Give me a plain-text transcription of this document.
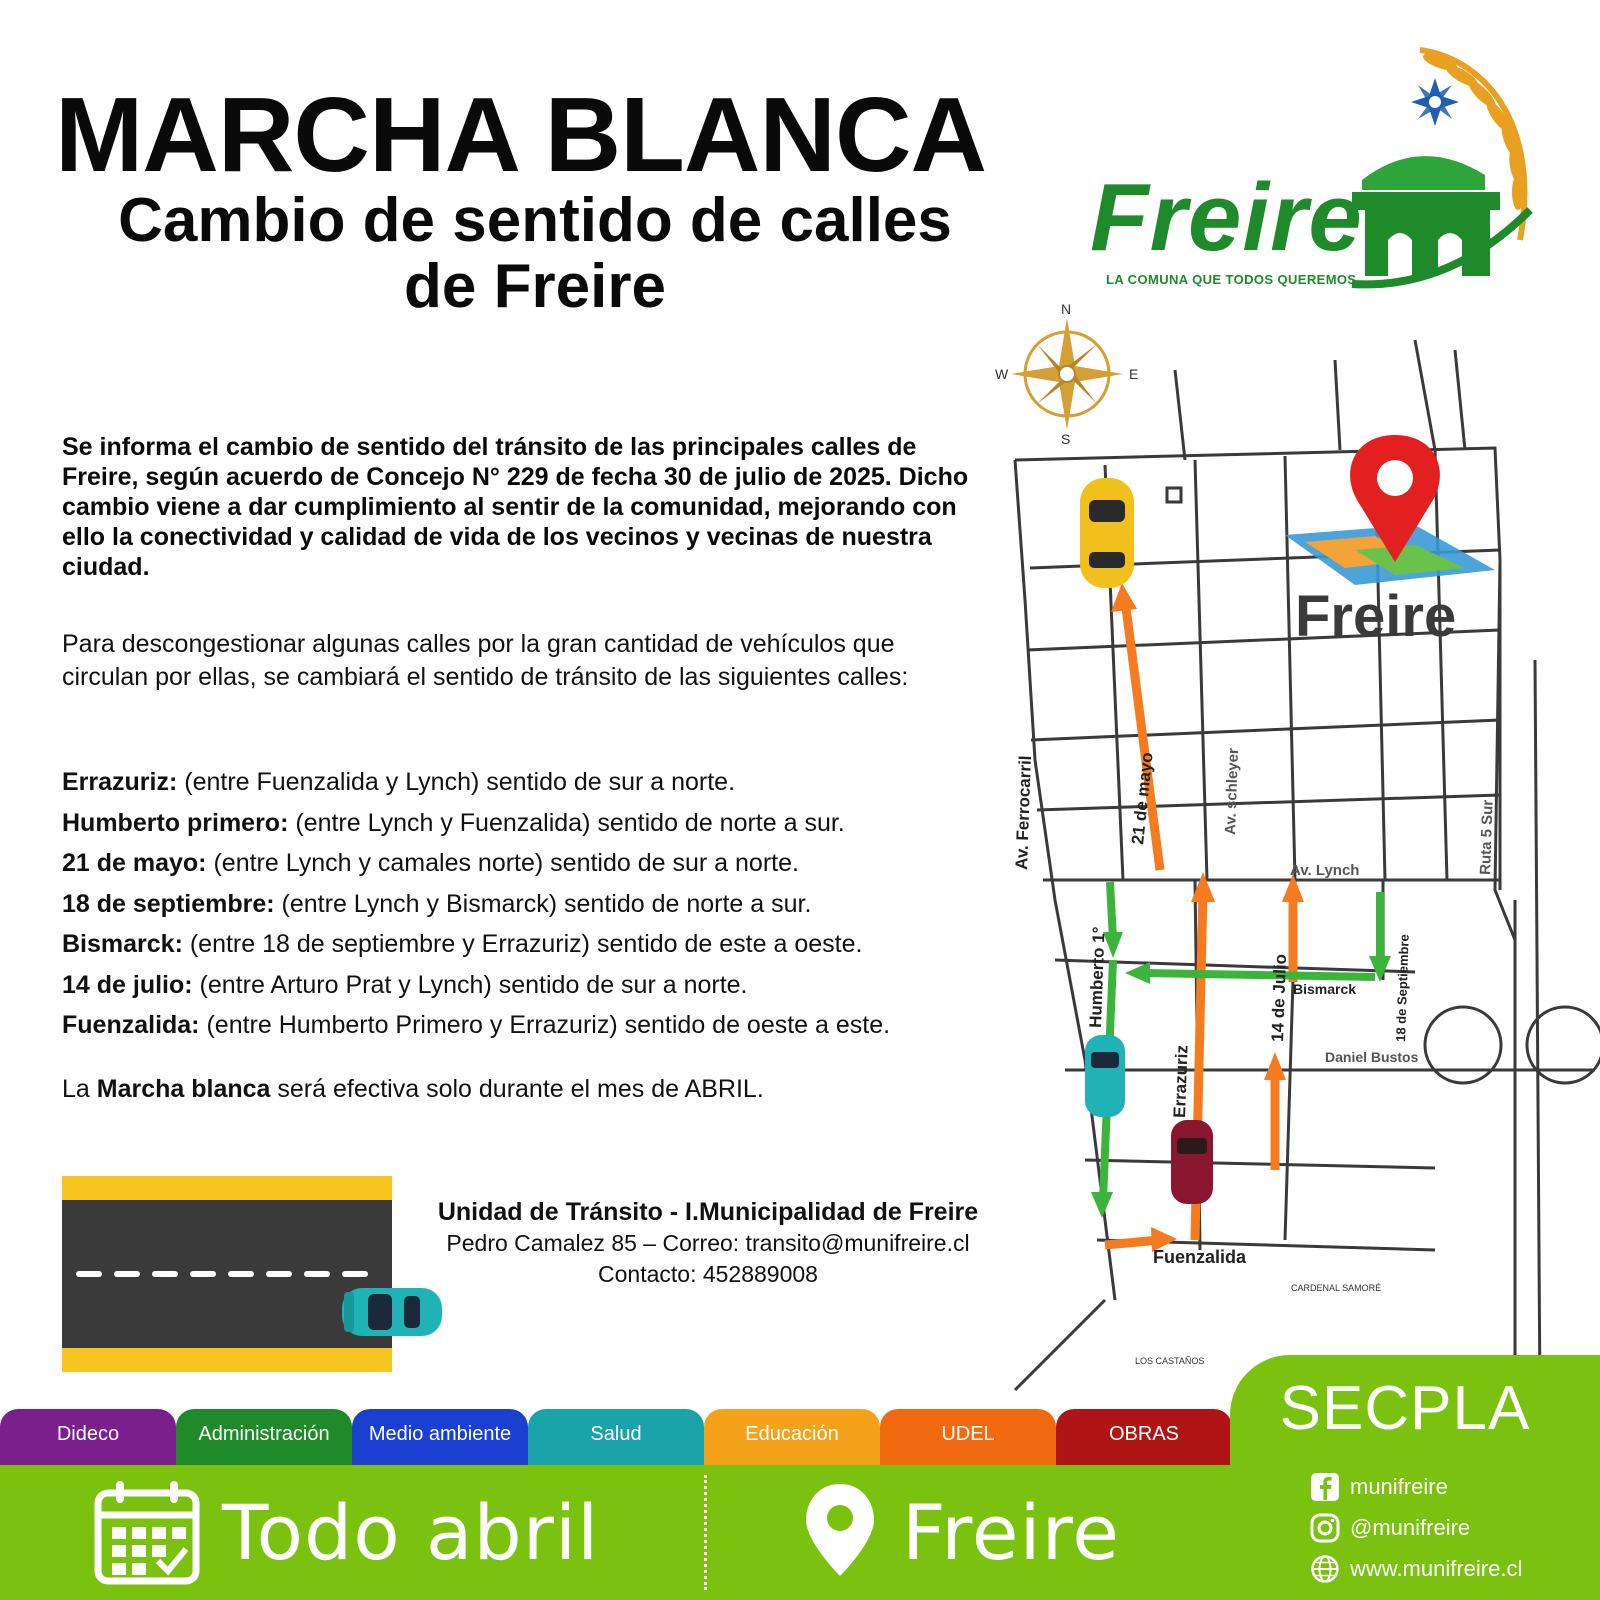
MARCHA BLANCA
Cambio de sentido de calles
de Freire
Freire
LA COMUNA QUE TODOS QUEREMOS
Se informa el cambio de sentido del tránsito de las principales calles de Freire, según acuerdo de Concejo N° 229 de fecha 30 de julio de 2025. Dicho cambio viene a dar cumplimiento al sentir de la comunidad, mejorando con ello la conectividad y calidad de vida de los vecinos y vecinas de nuestra ciudad.
Para descongestionar algunas calles por la gran cantidad de vehículos que circulan por ellas, se cambiará el sentido de tránsito de las siguientes calles:
Errazuriz: (entre Fuenzalida y Lynch) sentido de sur a norte.
Humberto primero: (entre Lynch y Fuenzalida) sentido de norte a sur.
21 de mayo: (entre Lynch y camales norte) sentido de sur a norte.
18 de septiembre: (entre Lynch y Bismarck) sentido de norte a sur.
Bismarck: (entre 18 de septiembre y Errazuriz) sentido de este a oeste.
14 de julio: (entre Arturo Prat y Lynch) sentido de sur a norte.
Fuenzalida: (entre Humberto Primero y Errazuriz) sentido de oeste a este.
La Marcha blanca será efectiva solo durante el mes de ABRIL.
Unidad de Tránsito - I.Municipalidad de Freire
Pedro Camalez 85 – Correo: transito@munifreire.cl
Contacto: 452889008
N
S
E
W
Freire
Av. Ferrocarril	21 de mayo	Av. schleyer
Av. Lynch	Ruta 5 Sur
Humberto 1°
Errazuriz
14 de Julio Bismarck	18 de Septiembre
Daniel Bustos
Fuenzalida
CARDENAL SAMORÉ
LOS CASTAÑOS
Dideco	Administración	Medio ambiente	Salud	Educación	UDEL	OBRAS
Todo abril	Freire
SECPLA
munifreire
@munifreire
www.munifreire.cl
